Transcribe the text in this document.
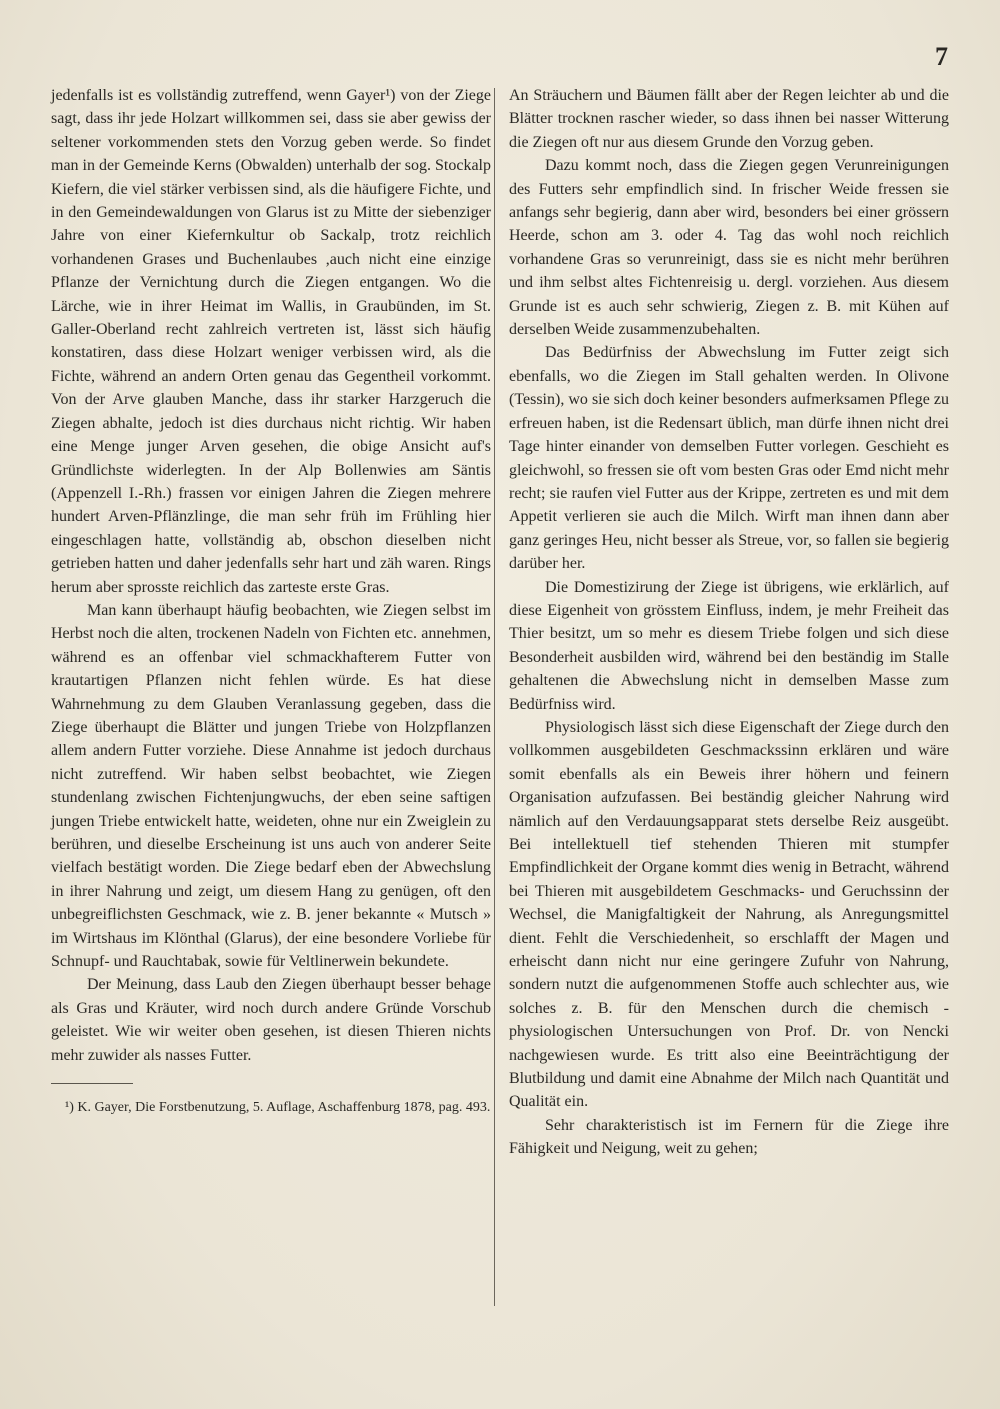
7

jedenfalls ist es vollständig zutreffend, wenn Gayer¹) von der Ziege sagt, dass ihr jede Holzart willkommen sei, dass sie aber gewiss der seltener vorkommenden stets den Vorzug geben werde. So findet man in der Gemeinde Kerns (Obwalden) unterhalb der sog. Stockalp Kiefern, die viel stärker verbissen sind, als die häufigere Fichte, und in den Gemeindewaldungen von Glarus ist zu Mitte der siebenziger Jahre von einer Kiefernkultur ob Sackalp, trotz reichlich vorhandenen Grases und Buchenlaubes ,auch nicht eine einzige Pflanze der Vernichtung durch die Ziegen entgangen. Wo die Lärche, wie in ihrer Heimat im Wallis, in Graubünden, im St. Galler-Oberland recht zahlreich vertreten ist, lässt sich häufig konstatiren, dass diese Holzart weniger verbissen wird, als die Fichte, während an andern Orten genau das Gegentheil vorkommt. Von der Arve glauben Manche, dass ihr starker Harzgeruch die Ziegen abhalte, jedoch ist dies durchaus nicht richtig. Wir haben eine Menge junger Arven gesehen, die obige Ansicht auf's Gründlichste widerlegten. In der Alp Bollenwies am Säntis (Appenzell I.-Rh.) frassen vor einigen Jahren die Ziegen mehrere hundert Arven-Pflänzlinge, die man sehr früh im Frühling hier eingeschlagen hatte, vollständig ab, obschon dieselben nicht getrieben hatten und daher jedenfalls sehr hart und zäh waren. Rings herum aber sprosste reichlich das zarteste erste Gras.

Man kann überhaupt häufig beobachten, wie Ziegen selbst im Herbst noch die alten, trockenen Nadeln von Fichten etc. annehmen, während es an offenbar viel schmackhafterem Futter von krautartigen Pflanzen nicht fehlen würde. Es hat diese Wahrnehmung zu dem Glauben Veranlassung gegeben, dass die Ziege überhaupt die Blätter und jungen Triebe von Holzpflanzen allem andern Futter vorziehe. Diese Annahme ist jedoch durchaus nicht zutreffend. Wir haben selbst beobachtet, wie Ziegen stundenlang zwischen Fichtenjungwuchs, der eben seine saftigen jungen Triebe entwickelt hatte, weideten, ohne nur ein Zweiglein zu berühren, und dieselbe Erscheinung ist uns auch von anderer Seite vielfach bestätigt worden. Die Ziege bedarf eben der Abwechslung in ihrer Nahrung und zeigt, um diesem Hang zu genügen, oft den unbegreiflichsten Geschmack, wie z. B. jener bekannte « Mutsch » im Wirtshaus im Klönthal (Glarus), der eine besondere Vorliebe für Schnupf- und Rauchtabak, sowie für Veltlinerwein bekundete.

Der Meinung, dass Laub den Ziegen überhaupt besser behage als Gras und Kräuter, wird noch durch andere Gründe Vorschub geleistet. Wie wir weiter oben gesehen, ist diesen Thieren nichts mehr zuwider als nasses Futter.

¹) K. Gayer, Die Forstbenutzung, 5. Auflage, Aschaffenburg 1878, pag. 493.

An Sträuchern und Bäumen fällt aber der Regen leichter ab und die Blätter trocknen rascher wieder, so dass ihnen bei nasser Witterung die Ziegen oft nur aus diesem Grunde den Vorzug geben.

Dazu kommt noch, dass die Ziegen gegen Verunreinigungen des Futters sehr empfindlich sind. In frischer Weide fressen sie anfangs sehr begierig, dann aber wird, besonders bei einer grössern Heerde, schon am 3. oder 4. Tag das wohl noch reichlich vorhandene Gras so verunreinigt, dass sie es nicht mehr berühren und ihm selbst altes Fichtenreisig u. dergl. vorziehen. Aus diesem Grunde ist es auch sehr schwierig, Ziegen z. B. mit Kühen auf derselben Weide zusammenzubehalten.

Das Bedürfniss der Abwechslung im Futter zeigt sich ebenfalls, wo die Ziegen im Stall gehalten werden. In Olivone (Tessin), wo sie sich doch keiner besonders aufmerksamen Pflege zu erfreuen haben, ist die Redensart üblich, man dürfe ihnen nicht drei Tage hinter einander von demselben Futter vorlegen. Geschieht es gleichwohl, so fressen sie oft vom besten Gras oder Emd nicht mehr recht; sie raufen viel Futter aus der Krippe, zertreten es und mit dem Appetit verlieren sie auch die Milch. Wirft man ihnen dann aber ganz geringes Heu, nicht besser als Streue, vor, so fallen sie begierig darüber her.

Die Domestizirung der Ziege ist übrigens, wie erklärlich, auf diese Eigenheit von grösstem Einfluss, indem, je mehr Freiheit das Thier besitzt, um so mehr es diesem Triebe folgen und sich diese Besonderheit ausbilden wird, während bei den beständig im Stalle gehaltenen die Abwechslung nicht in demselben Masse zum Bedürfniss wird.

Physiologisch lässt sich diese Eigenschaft der Ziege durch den vollkommen ausgebildeten Geschmackssinn erklären und wäre somit ebenfalls als ein Beweis ihrer höhern und feinern Organisation aufzufassen. Bei beständig gleicher Nahrung wird nämlich auf den Verdauungsapparat stets derselbe Reiz ausgeübt. Bei intellektuell tief stehenden Thieren mit stumpfer Empfindlichkeit der Organe kommt dies wenig in Betracht, während bei Thieren mit ausgebildetem Geschmacks- und Geruchssinn der Wechsel, die Manigfaltigkeit der Nahrung, als Anregungsmittel dient. Fehlt die Verschiedenheit, so erschlafft der Magen und erheischt dann nicht nur eine geringere Zufuhr von Nahrung, sondern nutzt die aufgenommenen Stoffe auch schlechter aus, wie solches z. B. für den Menschen durch die chemisch - physiologischen Untersuchungen von Prof. Dr. von Nencki nachgewiesen wurde. Es tritt also eine Beeinträchtigung der Blutbildung und damit eine Abnahme der Milch nach Quantität und Qualität ein.

Sehr charakteristisch ist im Fernern für die Ziege ihre Fähigkeit und Neigung, weit zu gehen;
